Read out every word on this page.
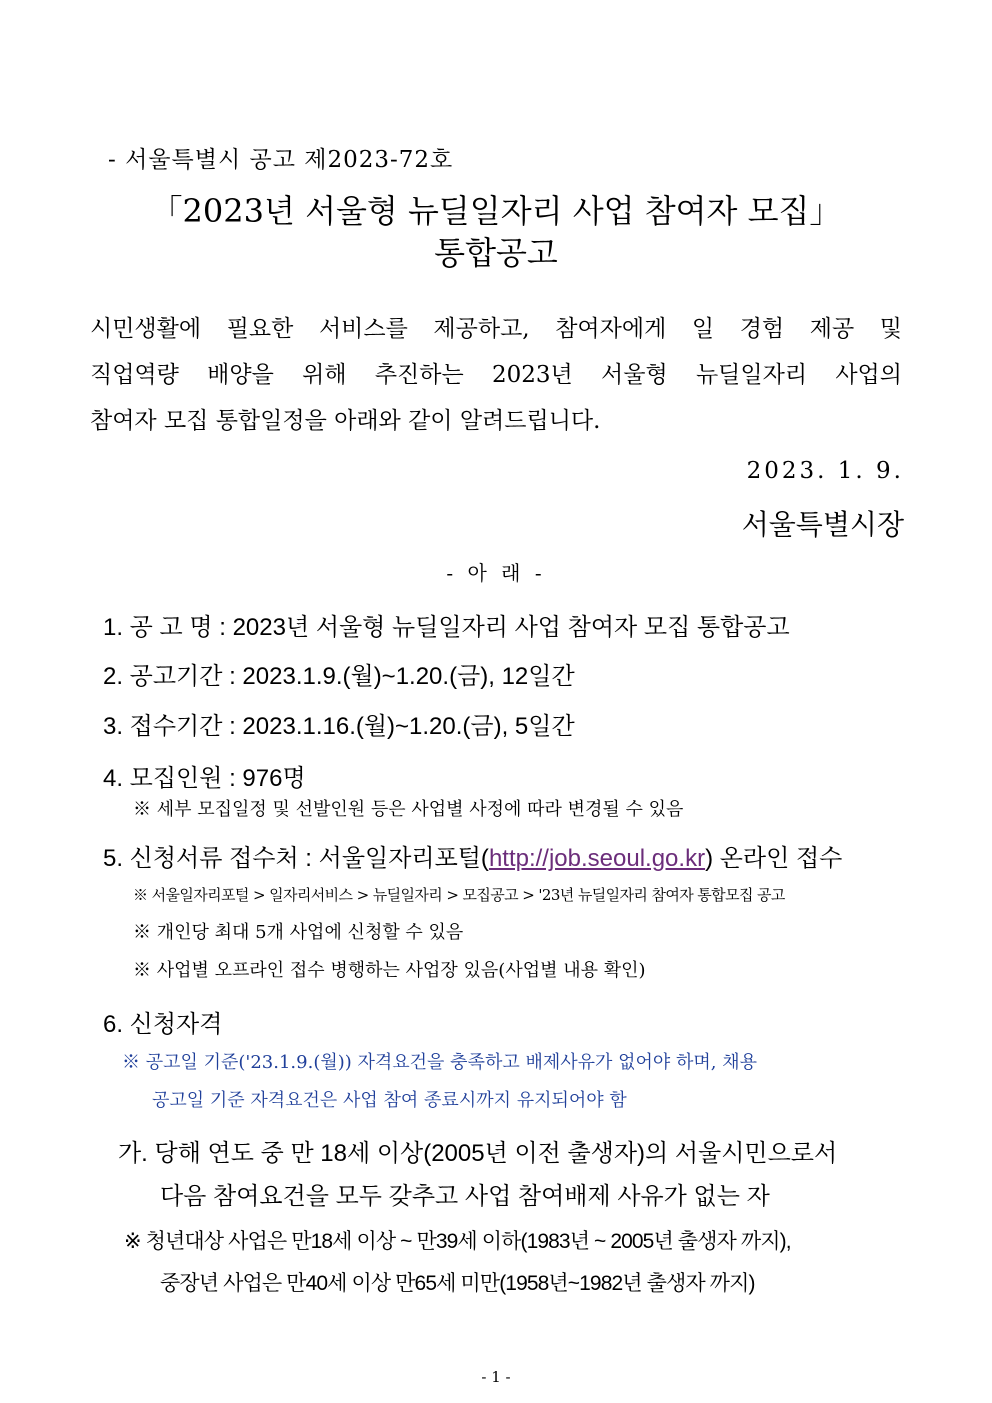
- 서울특별시 공고 제2023-72호
「2023년 서울형 뉴딜일자리 사업 참여자 모집」
통합공고
시민생활에 필요한 서비스를 제공하고, 참여자에게 일 경험 제공 및
직업역량 배양을 위해 추진하는 2023년 서울형 뉴딜일자리 사업의
참여자 모집 통합일정을 아래와 같이 알려드립니다.
2023. 1. 9.
서울특별시장
- 아 래 -
1. 공 고 명 : 2023년 서울형 뉴딜일자리 사업 참여자 모집 통합공고
2. 공고기간 : 2023.1.9.(월)~1.20.(금), 12일간
3. 접수기간 : 2023.1.16.(월)~1.20.(금), 5일간
4. 모집인원 : 976명
※ 세부 모집일정 및 선발인원 등은 사업별 사정에 따라 변경될 수 있음
5. 신청서류 접수처 : 서울일자리포털(http://job.seoul.go.kr) 온라인 접수
※ 서울일자리포털 > 일자리서비스 > 뉴딜일자리 > 모집공고 > '23년 뉴딜일자리 참여자 통합모집 공고
※ 개인당 최대 5개 사업에 신청할 수 있음
※ 사업별 오프라인 접수 병행하는 사업장 있음(사업별 내용 확인)
6. 신청자격
※ 공고일 기준('23.1.9.(월)) 자격요건을 충족하고 배제사유가 없어야 하며, 채용
공고일 기준 자격요건은 사업 참여 종료시까지 유지되어야 함
가. 당해 연도 중 만 18세 이상(2005년 이전 출생자)의 서울시민으로서
다음 참여요건을 모두 갖추고 사업 참여배제 사유가 없는 자
※ 청년대상 사업은 만18세 이상 ~ 만39세 이하(1983년 ~ 2005년 출생자 까지),
중장년 사업은 만40세 이상 만65세 미만(1958년~1982년 출생자 까지)
- 1 -
